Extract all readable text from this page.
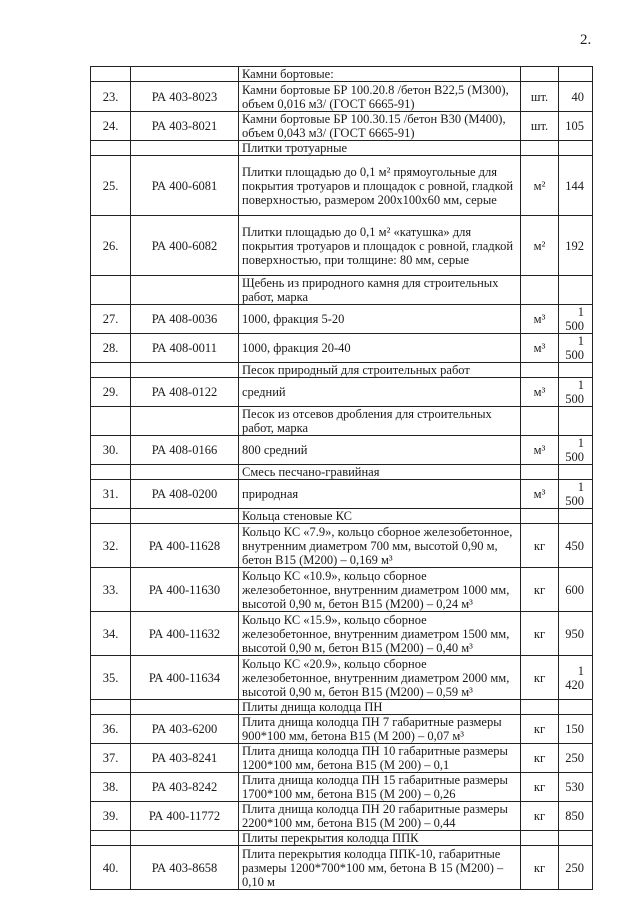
2.
		Камни бортовые:		
23.	РА 403-8023	Камни бортовые БР 100.20.8 /бетон В22,5 (М300), объем 0,016 м3/ (ГОСТ 6665-91)	шт.	40
24.	РА 403-8021	Камни бортовые БР 100.30.15 /бетон В30 (М400), объем 0,043 м3/ (ГОСТ 6665-91)	шт.	105
		Плитки тротуарные		
25.	РА 400-6081	Плитки площадью до 0,1 м² прямоугольные для покрытия тротуаров и площадок с ровной, гладкой поверхностью, размером 200х100х60 мм, серые	м²	144
26.	РА 400-6082	Плитки площадью до 0,1 м² «катушка» для покрытия тротуаров и площадок с ровной, гладкой поверхностью, при толщине: 80 мм, серые	м²	192
		Щебень из природного камня для строительных работ, марка		
27.	РА 408-0036	1000, фракция 5-20	м³	1 500
28.	РА 408-0011	1000, фракция 20-40	м³	1 500
		Песок природный для строительных работ		
29.	РА 408-0122	средний	м³	1 500
		Песок из отсевов дробления для строительных работ, марка		
30.	РА 408-0166	800 средний	м³	1 500
		Смесь песчано-гравийная		
31.	РА 408-0200	природная	м³	1 500
		Кольца стеновые КС		
32.	РА 400-11628	Кольцо КС «7.9», кольцо сборное железобетонное, внутренним диаметром 700 мм, высотой 0,90 м, бетон В15 (М200) – 0,169 м³	кг	450
33.	РА 400-11630	Кольцо КС «10.9», кольцо сборное железобетонное, внутренним диаметром 1000 мм, высотой 0,90 м, бетон В15 (М200) – 0,24 м³	кг	600
34.	РА 400-11632	Кольцо КС «15.9», кольцо сборное железобетонное, внутренним диаметром 1500 мм, высотой 0,90 м, бетон В15 (М200) – 0,40 м³	кг	950
35.	РА 400-11634	Кольцо КС «20.9», кольцо сборное железобетонное, внутренним диаметром 2000 мм, высотой 0,90 м, бетон В15 (М200) – 0,59 м³	кг	1 420
		Плиты днища колодца ПН		
36.	РА 403-6200	Плита днища колодца ПН 7 габаритные размеры 900*100 мм, бетона В15 (М 200) – 0,07 м³	кг	150
37.	РА 403-8241	Плита днища колодца ПН 10 габаритные размеры 1200*100 мм, бетона В15 (М 200) – 0,1	кг	250
38.	РА 403-8242	Плита днища колодца ПН 15 габаритные размеры 1700*100 мм, бетона В15 (М 200) – 0,26	кг	530
39.	РА 400-11772	Плита днища колодца ПН 20 габаритные размеры 2200*100 мм, бетона В15 (М 200) – 0,44	кг	850
		Плиты перекрытия колодца ППК		
40.	РА 403-8658	Плита перекрытия колодца ППК-10, габаритные размеры 1200*700*100 мм, бетона В 15 (М200) – 0,10 м	кг	250
